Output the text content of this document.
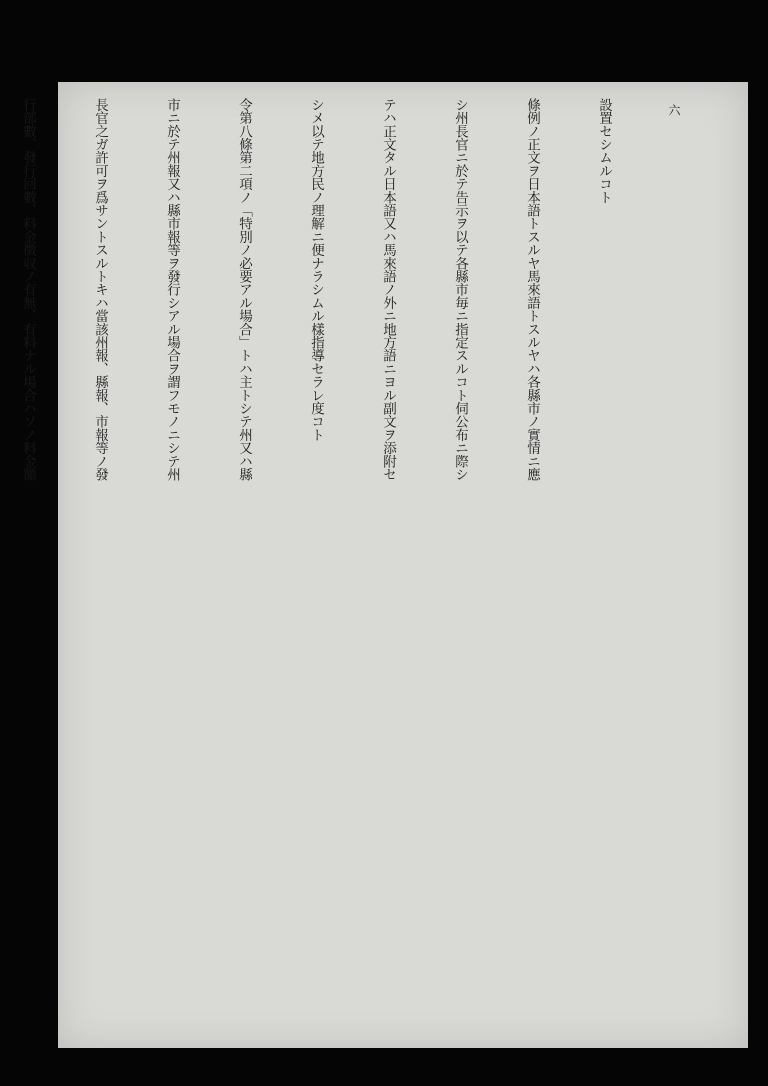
六

設置セシムルコト

條例ノ正文ヲ日本語トスルヤ馬來語トスルヤハ各縣市ノ實情ニ應

シ州長官ニ於テ告示ヲ以テ各縣市毎ニ指定スルコト伺公布ニ際シ

テハ正文タル日本語又ハ馬來語ノ外ニ地方語ニヨル副文ヲ添附セ

シメ以テ地方民ノ理解ニ便ナラシムル樣指導セラレ度コト

令第八條第二項ノ「特別ノ必要アル場合」トハ主トシテ州又ハ縣

市ニ於テ州報又ハ縣市報等ヲ發行シアル場合ヲ謂フモノニシテ州

長官之ガ許可ヲ爲サントスルトキハ當該州報、縣報、市報等ノ發

行部數、發行回數、料金徴収ノ有無、有料ナル場合ハソノ料金額
